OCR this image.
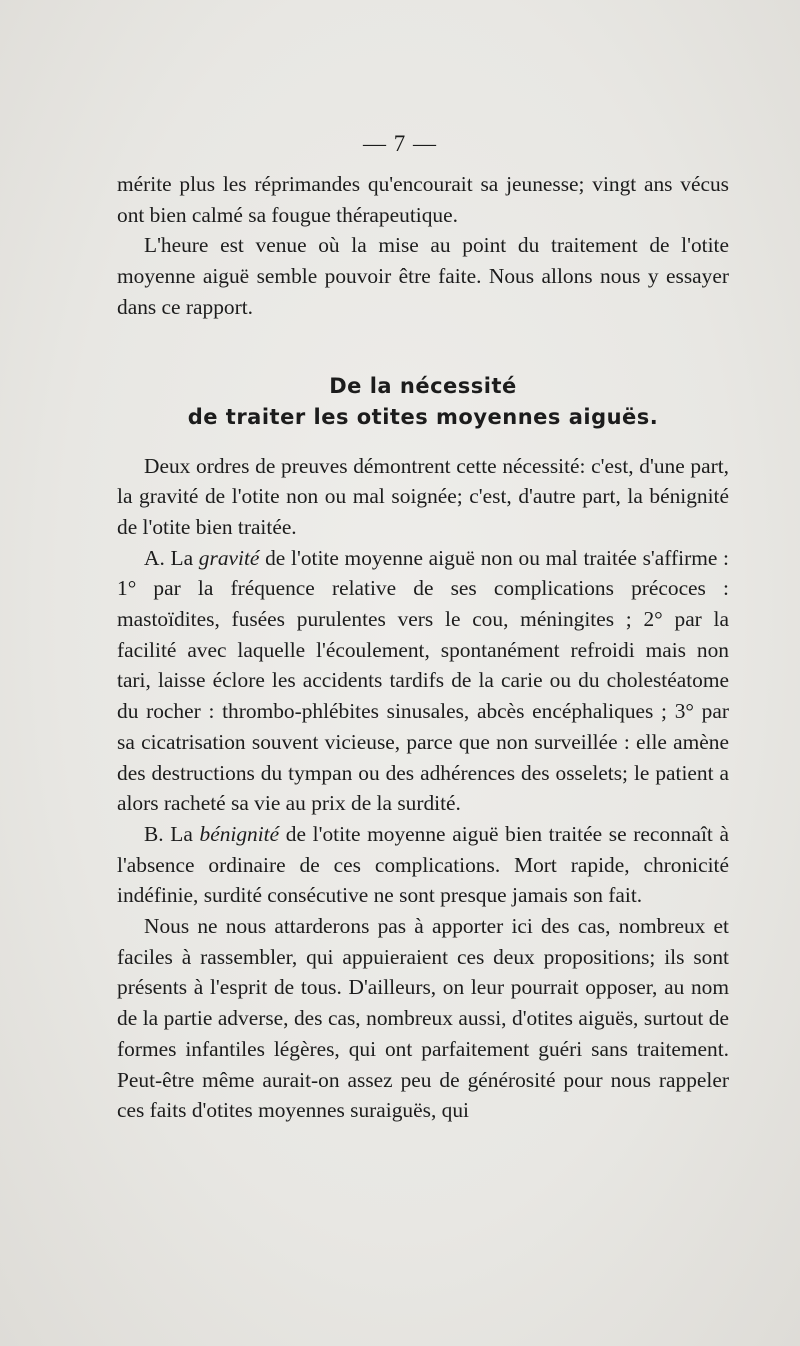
— 7 —

mérite plus les réprimandes qu'encourait sa jeunesse; vingt ans vécus ont bien calmé sa fougue thérapeutique.

L'heure est venue où la mise au point du traitement de l'otite moyenne aiguë semble pouvoir être faite. Nous allons nous y essayer dans ce rapport.

De la nécessité
de traiter les otites moyennes aiguës.

Deux ordres de preuves démontrent cette nécessité: c'est, d'une part, la gravité de l'otite non ou mal soignée; c'est, d'autre part, la bénignité de l'otite bien traitée.

A. La gravité de l'otite moyenne aiguë non ou mal traitée s'affirme : 1° par la fréquence relative de ses complications précoces : mastoïdites, fusées purulentes vers le cou, méningites ; 2° par la facilité avec laquelle l'écoulement, spontanément refroidi mais non tari, laisse éclore les accidents tardifs de la carie ou du cholestéatome du rocher : thrombo-phlébites sinusales, abcès encéphaliques ; 3° par sa cicatrisation souvent vicieuse, parce que non surveillée : elle amène des destructions du tympan ou des adhérences des osselets; le patient a alors racheté sa vie au prix de la surdité.

B. La bénignité de l'otite moyenne aiguë bien traitée se reconnaît à l'absence ordinaire de ces complications. Mort rapide, chronicité indéfinie, surdité consécutive ne sont presque jamais son fait.

Nous ne nous attarderons pas à apporter ici des cas, nombreux et faciles à rassembler, qui appuieraient ces deux propositions; ils sont présents à l'esprit de tous. D'ailleurs, on leur pourrait opposer, au nom de la partie adverse, des cas, nombreux aussi, d'otites aiguës, surtout de formes infantiles légères, qui ont parfaitement guéri sans traitement. Peut-être même aurait-on assez peu de générosité pour nous rappeler ces faits d'otites moyennes suraiguës, qui
